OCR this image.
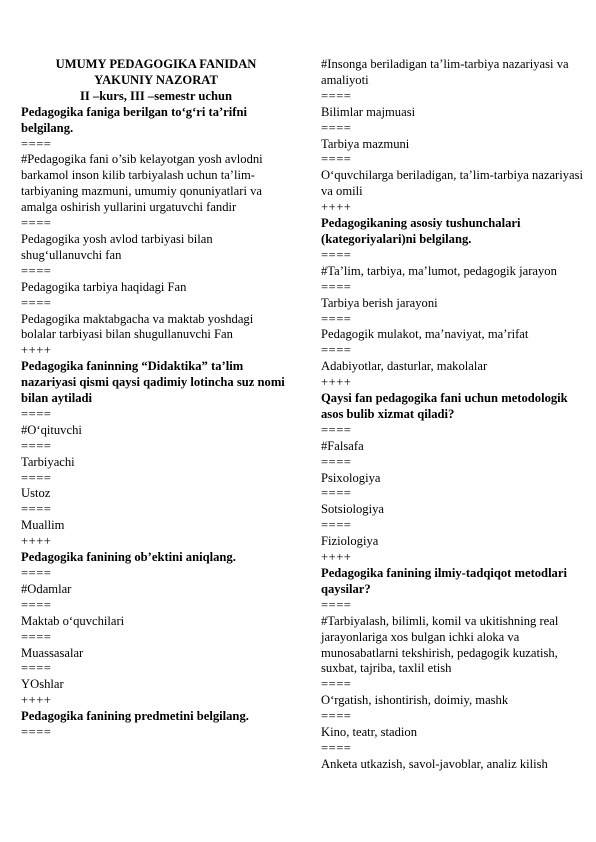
UMUMY PEDAGOGIKA FANIDAN
YAKUNIY NAZORAT
II –kurs, III –semestr uchun
Pedagogika faniga berilgan to‘g‘ri ta’rifni belgilang.
====
#Pedagogika fani o’sib kelayotgan yosh avlodni barkamol inson kilib tarbiyalash uchun ta’lim-tarbiyaning mazmuni, umumiy qonuniyatlari va amalga oshirish yullarini urgatuvchi fandir
====
Pedagogika yosh avlod tarbiyasi bilan shug‘ullanuvchi fan
====
Pedagogika tarbiya haqidagi Fan
====
Pedagogika maktabgacha va maktab yoshdagi bolalar tarbiyasi bilan shugullanuvchi Fan
++++
Pedagogika faninning “Didaktika” ta’lim nazariyasi qismi qaysi qadimiy lotincha suz nomi bilan aytiladi
====
#O‘qituvchi
====
Tarbiyachi
====
Ustoz
====
Muallim
++++
Pedagogika fanining ob’ektini aniqlang.
====
#Odamlar
====
Maktab o‘quvchilari
====
Muassasalar
====
YOshlar
++++
Pedagogika fanining predmetini belgilang.
====
#Insonga beriladigan ta’lim-tarbiya nazariyasi va amaliyoti
====
Bilimlar majmuasi
====
Tarbiya mazmuni
====
O‘quvchilarga beriladigan, ta’lim-tarbiya nazariyasi va omili
++++
Pedagogikaning asosiy tushunchalari (kategoriyalari)ni belgilang.
====
#Ta’lim, tarbiya, ma’lumot, pedagogik jarayon
====
Tarbiya berish jarayoni
====
Pedagogik mulakot, ma’naviyat, ma’rifat
====
Adabiyotlar, dasturlar, makolalar
++++
Qaysi fan pedagogika fani uchun metodologik asos bulib xizmat qiladi?
====
#Falsafa
====
Psixologiya
====
Sotsiologiya
====
Fiziologiya
++++
Pedagogika fanining ilmiy-tadqiqot metodlari qaysilar?
====
#Tarbiyalash, bilimli, komil va ukitishning real jarayonlariga xos bulgan ichki aloka va munosabatlarni tekshirish, pedagogik kuzatish, suxbat, tajriba, taxlil etish
====
O‘rgatish, ishontirish, doimiy, mashk
====
Kino, teatr, stadion
====
Anketa utkazish, savol-javoblar, analiz kilish
